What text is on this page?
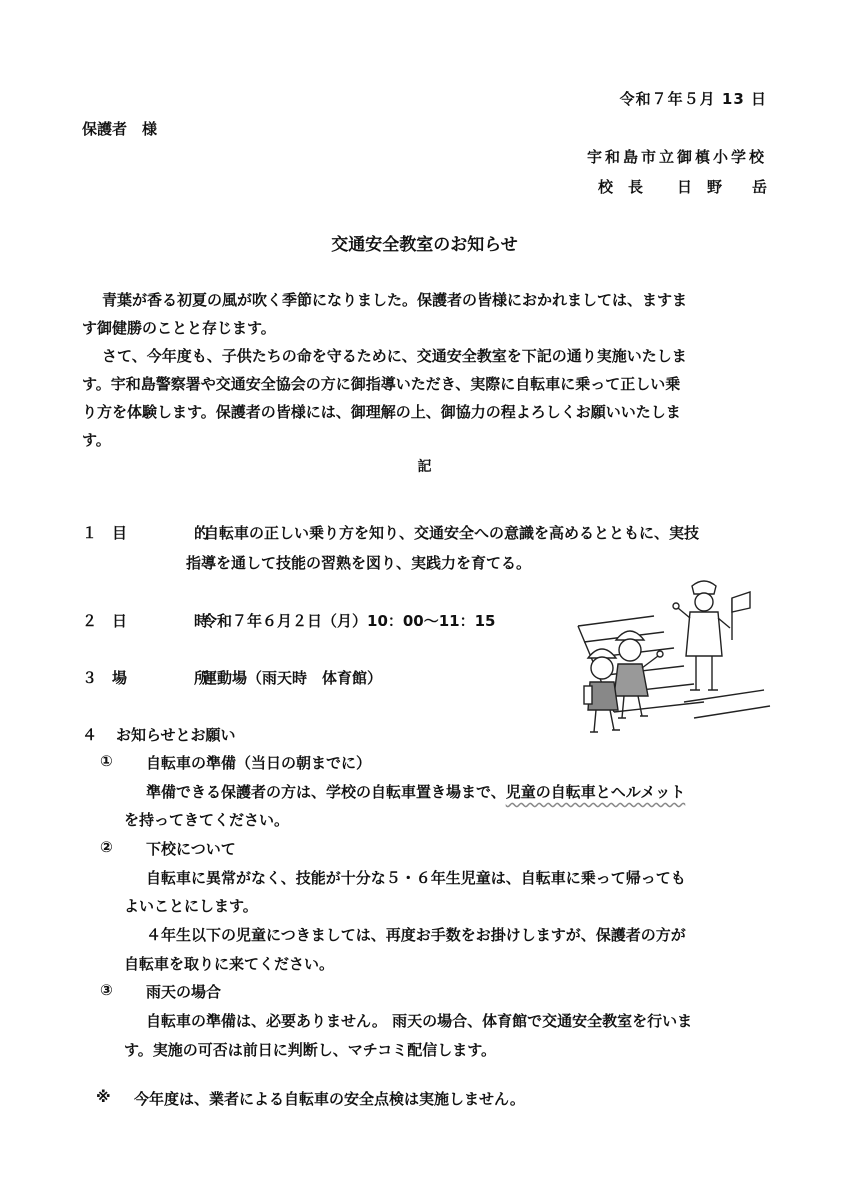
令和７年５月 13 日
保護者　様
宇和島市立御槙小学校
校　長 日　野　　岳
交通安全教室のお知らせ
青葉が香る初夏の風が吹く季節になりました。保護者の皆様におかれましては、ますま
す御健勝のことと存じます。
さて、今年度も、子供たちの命を守るために、交通安全教室を下記の通り実施いたしま
す。宇和島警察署や交通安全協会の方に御指導いただき、実際に自転車に乗って正しい乗
り方を体験します。保護者の皆様には、御理解の上、御協力の程よろしくお願いいたしま
す。
記
１ 目　的
自転車の正しい乗り方を知り、交通安全への意識を高めるとともに、実技
指導を通して技能の習熟を図り、実践力を育てる。
２ 日　時
令和７年６月２日（月）10：00～11：15
３ 場　所
運動場（雨天時　体育館）
４ お知らせとお願い
① 自転車の準備（当日の朝までに）
準備できる保護者の方は、学校の自転車置き場まで、児童の自転車とヘルメット
を持ってきてください。
② 下校について
自転車に異常がなく、技能が十分な５・６年生児童は、自転車に乗って帰っても
よいことにします。
４年生以下の児童につきましては、再度お手数をお掛けしますが、保護者の方が
自転車を取りに来てください。
③ 雨天の場合
自転車の準備は、必要ありません。 雨天の場合、体育館で交通安全教室を行いま
す。実施の可否は前日に判断し、マチコミ配信します。
※ 今年度は、業者による自転車の安全点検は実施しません。
